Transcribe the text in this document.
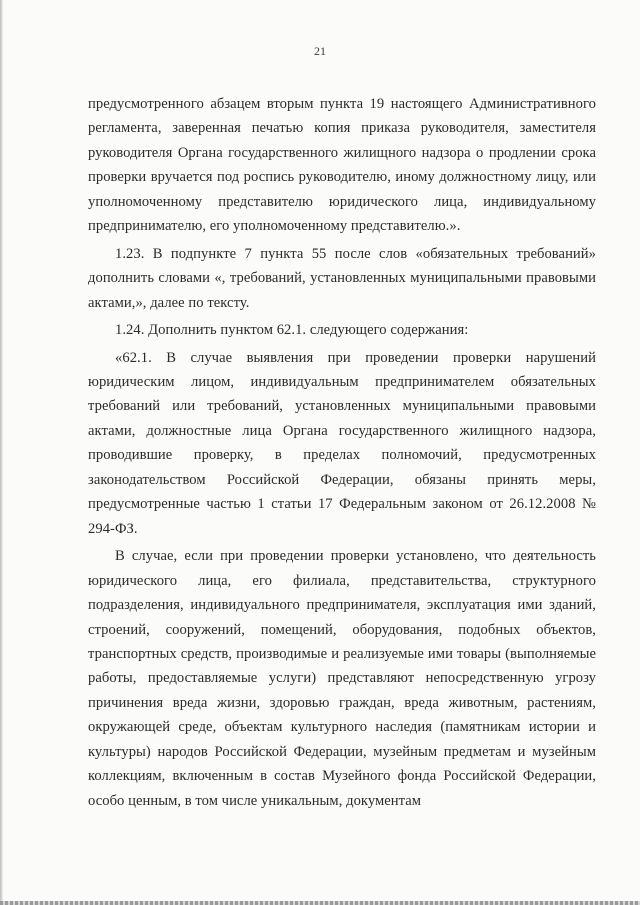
21

предусмотренного абзацем вторым пункта 19 настоящего Административного регламента, заверенная печатью копия приказа руководителя, заместителя руководителя Органа государственного жилищного надзора о продлении срока проверки вручается под роспись руководителю, иному должностному лицу, или уполномоченному представителю юридического лица, индивидуальному предпринимателю, его уполномоченному представителю.».

1.23. В подпункте 7 пункта 55 после слов «обязательных требований» дополнить словами «, требований, установленных муниципальными правовыми актами,», далее по тексту.

1.24. Дополнить пунктом 62.1. следующего содержания:

«62.1. В случае выявления при проведении проверки нарушений юридическим лицом, индивидуальным предпринимателем обязательных требований или требований, установленных муниципальными правовыми актами, должностные лица Органа государственного жилищного надзора, проводившие проверку, в пределах полномочий, предусмотренных законодательством Российской Федерации, обязаны принять меры, предусмотренные частью 1 статьи 17 Федеральным законом от 26.12.2008 № 294-ФЗ.

В случае, если при проведении проверки установлено, что деятельность юридического лица, его филиала, представительства, структурного подразделения, индивидуального предпринимателя, эксплуатация ими зданий, строений, сооружений, помещений, оборудования, подобных объектов, транспортных средств, производимые и реализуемые ими товары (выполняемые работы, предоставляемые услуги) представляют непосредственную угрозу причинения вреда жизни, здоровью граждан, вреда животным, растениям, окружающей среде, объектам культурного наследия (памятникам истории и культуры) народов Российской Федерации, музейным предметам и музейным коллекциям, включенным в состав Музейного фонда Российской Федерации, особо ценным, в том числе уникальным, документам
